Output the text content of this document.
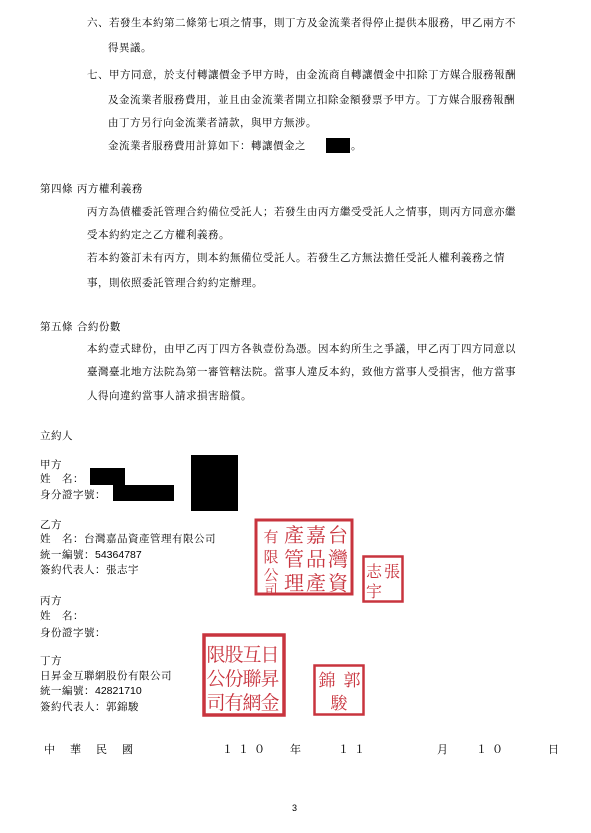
六、若發生本約第二條第七項之情事，則丁方及金流業者得停止提供本服務，甲乙兩方不
得異議。
七、甲方同意，於支付轉讓價金予甲方時，由金流商自轉讓價金中扣除丁方媒合服務報酬
及金流業者服務費用，並且由金流業者開立扣除金額發票予甲方。丁方媒合服務報酬
由丁方另行向金流業者請款，與甲方無涉。
金流業者服務費用計算如下：轉讓價金之	。
第四條 丙方權利義務
丙方為債權委託管理合約備位受託人；若發生由丙方繼受受託人之情事，則丙方同意亦繼
受本約約定之乙方權利義務。
若本約簽訂未有丙方，則本約無備位受託人。若發生乙方無法擔任受託人權利義務之情
事，則依照委託管理合約約定辦理。
第五條 合約份數
本約壹式肆份，由甲乙丙丁四方各執壹份為憑。因本約所生之爭議，甲乙丙丁四方同意以
臺灣臺北地方法院為第一審管轄法院。當事人違反本約，致他方當事人受損害，他方當事
人得向違約當事人請求損害賠償。
立約人
甲方
姓　名：
身分證字號：
乙方
姓　名：台灣嘉品資產管理有限公司
統一編號：54364787
簽約代表人：張志宇
台
嘉
產
灣
品
有
資
管
限
產
理
公
司
張
志
宇
丙方
姓　名：
身份證字號：
丁方
日昇金互聯網股份有限公司
統一編號：42821710
簽約代表人：郭錦駿
日
昇
金
互
聯
網
股
份
有
限
公
司
郭
錦
駿
中 華 民 國	１１０ 年	１１	月	１０	日
3
